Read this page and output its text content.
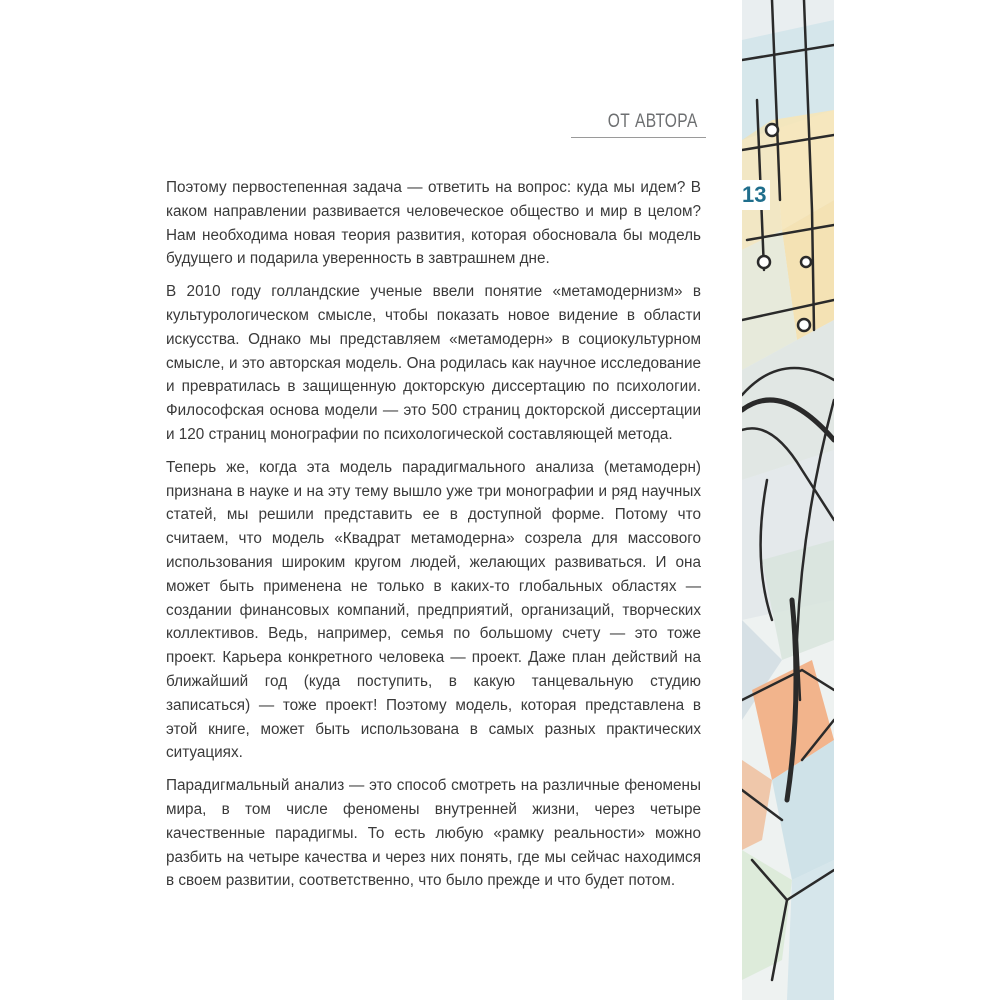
ОТ АВТОРА

Поэтому первостепенная задача — ответить на вопрос: куда мы идем? В каком направлении развивается человеческое общество и мир в целом? Нам необходима новая теория развития, которая обосновала бы модель будущего и подарила уверенность в завтрашнем дне.

В 2010 году голландские ученые ввели понятие «метамодернизм» в культурологическом смысле, чтобы показать новое видение в области искусства. Однако мы представляем «метамодерн» в социокультурном смысле, и это авторская модель. Она родилась как научное исследование и превратилась в защищенную докторскую диссертацию по психологии. Философская основа модели — это 500 страниц докторской диссертации и 120 страниц монографии по психологической составляющей метода.

Теперь же, когда эта модель парадигмального анализа (метамодерн) признана в науке и на эту тему вышло уже три монографии и ряд научных статей, мы решили представить ее в доступной форме. Потому что считаем, что модель «Квадрат метамодерна» созрела для массового использования широким кругом людей, желающих развиваться. И она может быть применена не только в каких-то глобальных областях — создании финансовых компаний, предприятий, организаций, творческих коллективов. Ведь, например, семья по большому счету — это тоже проект. Карьера конкретного человека — проект. Даже план действий на ближайший год (куда поступить, в какую танцевальную студию записаться) — тоже проект! Поэтому модель, которая представлена в этой книге, может быть использована в самых разных практических ситуациях.

Парадигмальный анализ — это способ смотреть на различные феномены мира, в том числе феномены внутренней жизни, через четыре качественные парадигмы. То есть любую «рамку реальности» можно разбить на четыре качества и через них понять, где мы сейчас находимся в своем развитии, соответственно, что было прежде и что будет потом.

13
